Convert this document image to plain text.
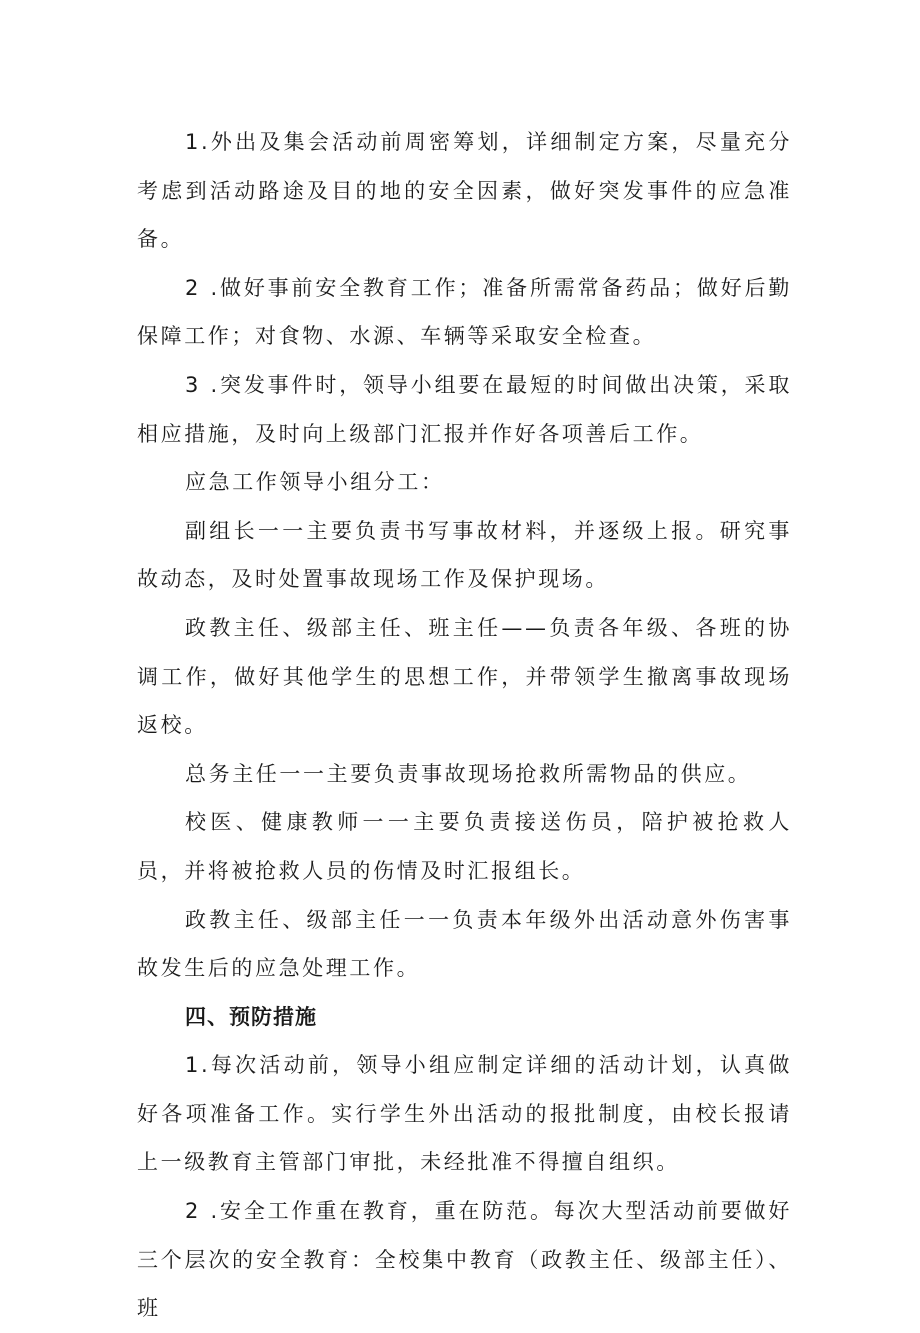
1.外出及集会活动前周密筹划，详细制定方案，尽量充分考虑到活动路途及目的地的安全因素，做好突发事件的应急准备。

2 .做好事前安全教育工作；准备所需常备药品；做好后勤保障工作；对食物、水源、车辆等采取安全检查。

3 .突发事件时，领导小组要在最短的时间做出决策，采取相应措施，及时向上级部门汇报并作好各项善后工作。

应急工作领导小组分工：

副组长一一主要负责书写事故材料，并逐级上报。研究事故动态，及时处置事故现场工作及保护现场。

政教主任、级部主任、班主任——负责各年级、各班的协调工作，做好其他学生的思想工作，并带领学生撤离事故现场返校。

总务主任一一主要负责事故现场抢救所需物品的供应。

校医、健康教师一一主要负责接送伤员，陪护被抢救人员，并将被抢救人员的伤情及时汇报组长。

政教主任、级部主任一一负责本年级外出活动意外伤害事故发生后的应急处理工作。

四、预防措施

1.每次活动前，领导小组应制定详细的活动计划，认真做好各项准备工作。实行学生外出活动的报批制度，由校长报请上一级教育主管部门审批，未经批准不得擅自组织。

2 .安全工作重在教育，重在防范。每次大型活动前要做好三个层次的安全教育：全校集中教育（政教主任、级部主任）、班
